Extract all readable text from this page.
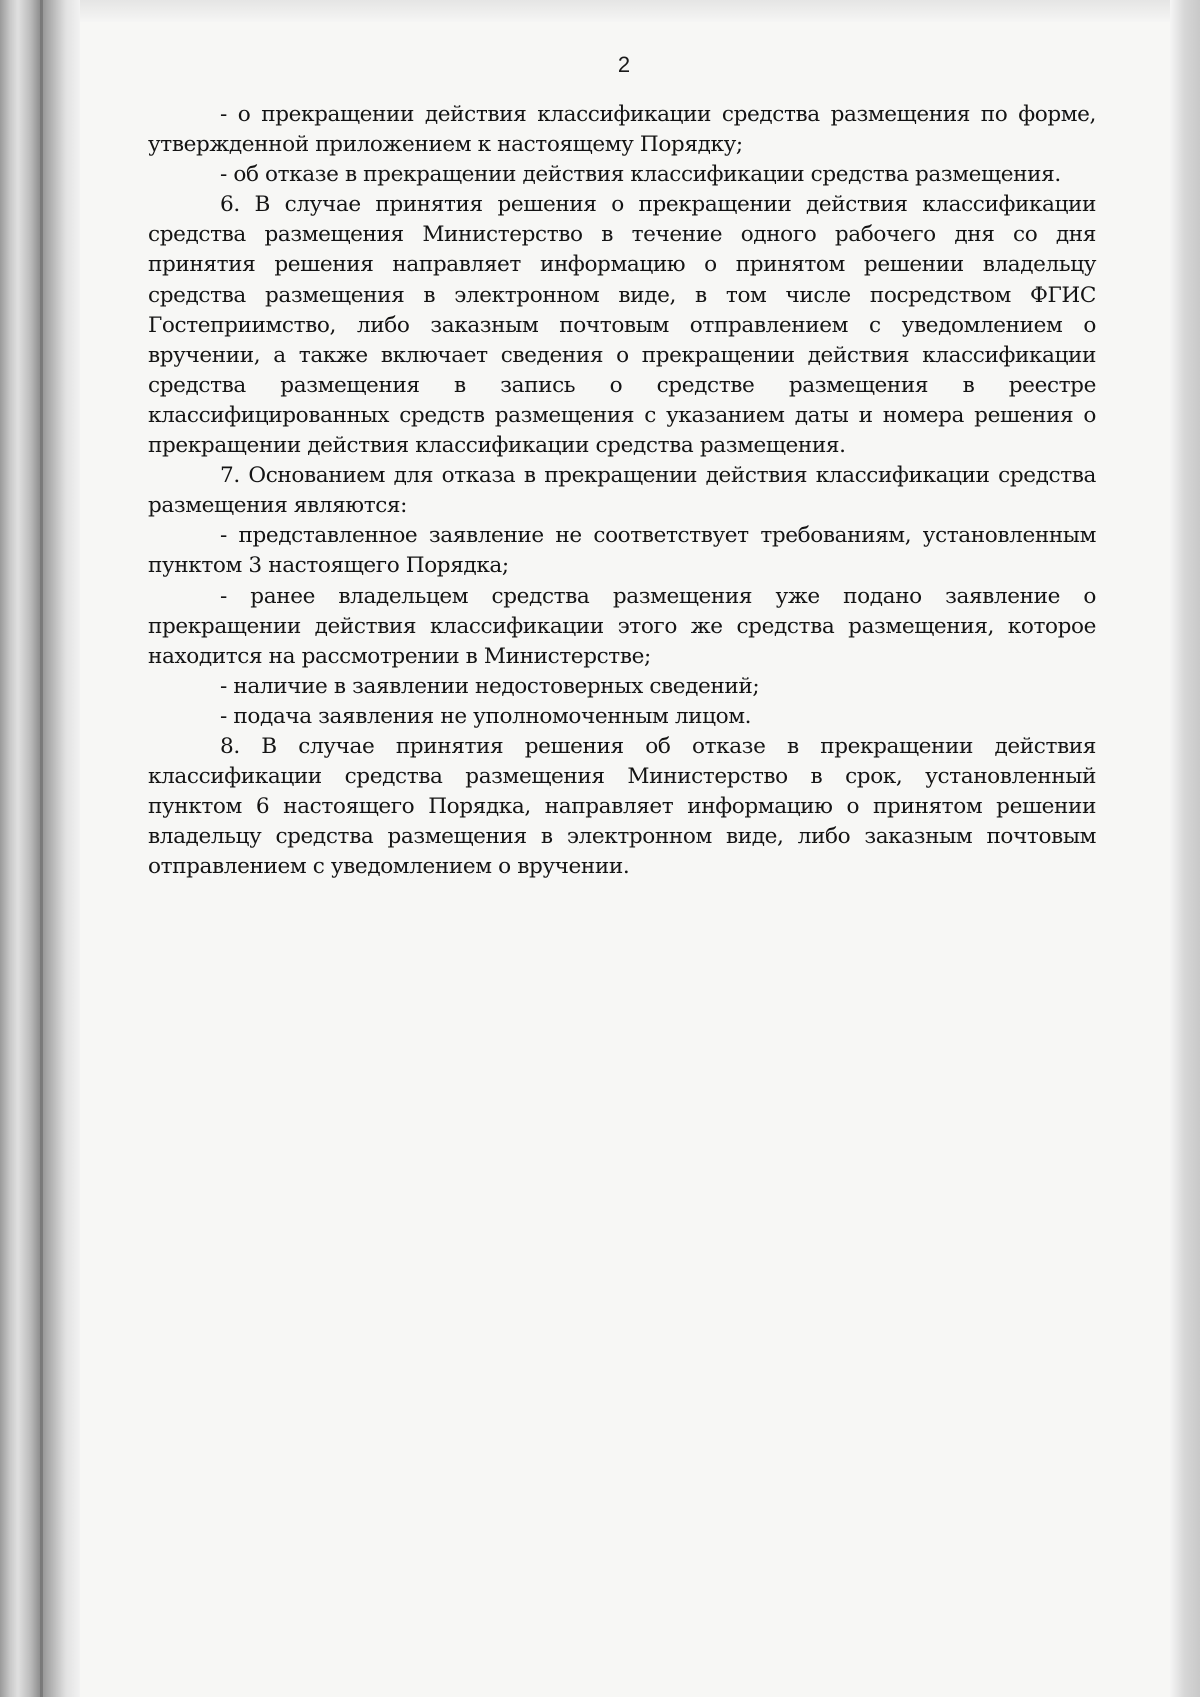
2

- о прекращении действия классификации средства размещения по форме, утвержденной приложением к настоящему Порядку;

- об отказе в прекращении действия классификации средства размещения.

6. В случае принятия решения о прекращении действия классификации средства размещения Министерство в течение одного рабочего дня со дня принятия решения направляет информацию о принятом решении владельцу средства размещения в электронном виде, в том числе посредством ФГИС Гостеприимство, либо заказным почтовым отправлением с уведомлением о вручении, а также включает сведения о прекращении действия классификации средства размещения в запись о средстве размещения в реестре классифицированных средств размещения с указанием даты и номера решения о прекращении действия классификации средства размещения.

7. Основанием для отказа в прекращении действия классификации средства размещения являются:

- представленное заявление не соответствует требованиям, установленным пунктом 3 настоящего Порядка;

- ранее владельцем средства размещения уже подано заявление о прекращении действия классификации этого же средства размещения, которое находится на рассмотрении в Министерстве;

- наличие в заявлении недостоверных сведений;

- подача заявления не уполномоченным лицом.

8. В случае принятия решения об отказе в прекращении действия классификации средства размещения Министерство в срок, установленный пунктом 6 настоящего Порядка, направляет информацию о принятом решении владельцу средства размещения в электронном виде, либо заказным почтовым отправлением с уведомлением о вручении.
